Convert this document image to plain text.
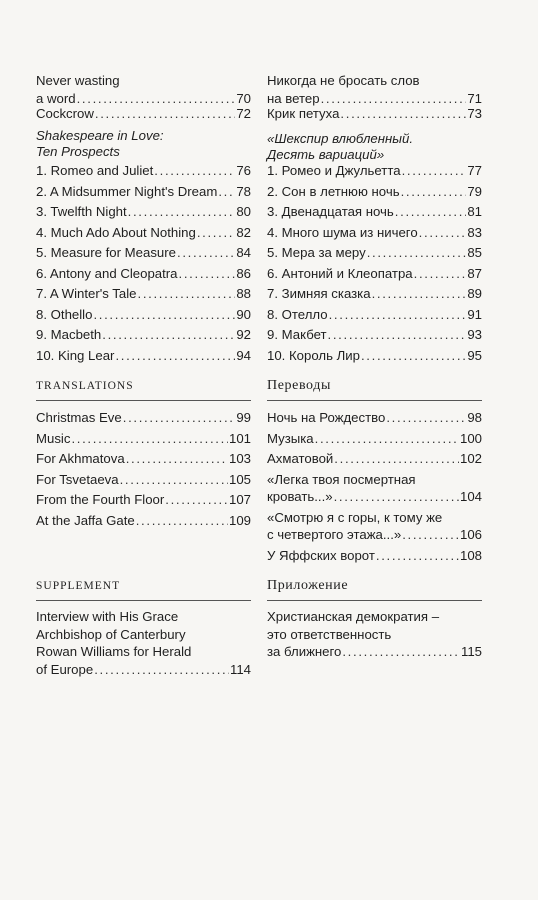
Never wasting
a word . . .	70
Cockcrow . . .	72
Shakespeare in Love:
Ten Prospects
1. Romeo and Juliet . . .	76
2. A Midsummer Night's Dream . . . 78
3. Twelfth Night . . .	80
4. Much Ado About Nothing . . .	82
5. Measure for Measure . . .	84
6. Antony and Cleopatra . . .	86
7. A Winter's Tale . . .	88
8. Othello . . .	90
9. Macbeth . . .	92
10. King Lear . . .	94
TRANSLATIONS
Christmas Eve . . .	99
Music . . .	101
For Akhmatova . . .	103
For Tsvetaeva . . .	105
From the Fourth Floor . . .	107
At the Jaffa Gate . . .	109
SUPPLEMENT
Interview with His Grace
Archbishop of Canterbury
Rowan Williams for Herald
of Europe . . .	114
Никогда не бросать слов
на ветер . . .	71
Крик петуха . . .	73
«Шекспир влюбленный.
Десять вариаций»
1. Ромео и Джульетта . . .	77
2. Сон в летнюю ночь . . .	79
3. Двенадцатая ночь . . .	81
4. Много шума из ничего . . .	83
5. Мера за меру . . .	85
6. Антоний и Клеопатра . . .	87
7. Зимняя сказка . . .	89
8. Отелло . . .	91
9. Макбет . . .	93
10. Король Лир . . .	95
Переводы
Ночь на Рождество . . .	98
Музыка . . .	100
Ахматовой . . .	102
«Легка твоя посмертная
кровать...» . . .	104
«Смотрю я с горы, к тому же
с четвертого этажа...» . . .	106
У Яффских ворот . . .	108
Приложение
Христианская демократия –
это ответственность
за ближнего . . .	115
